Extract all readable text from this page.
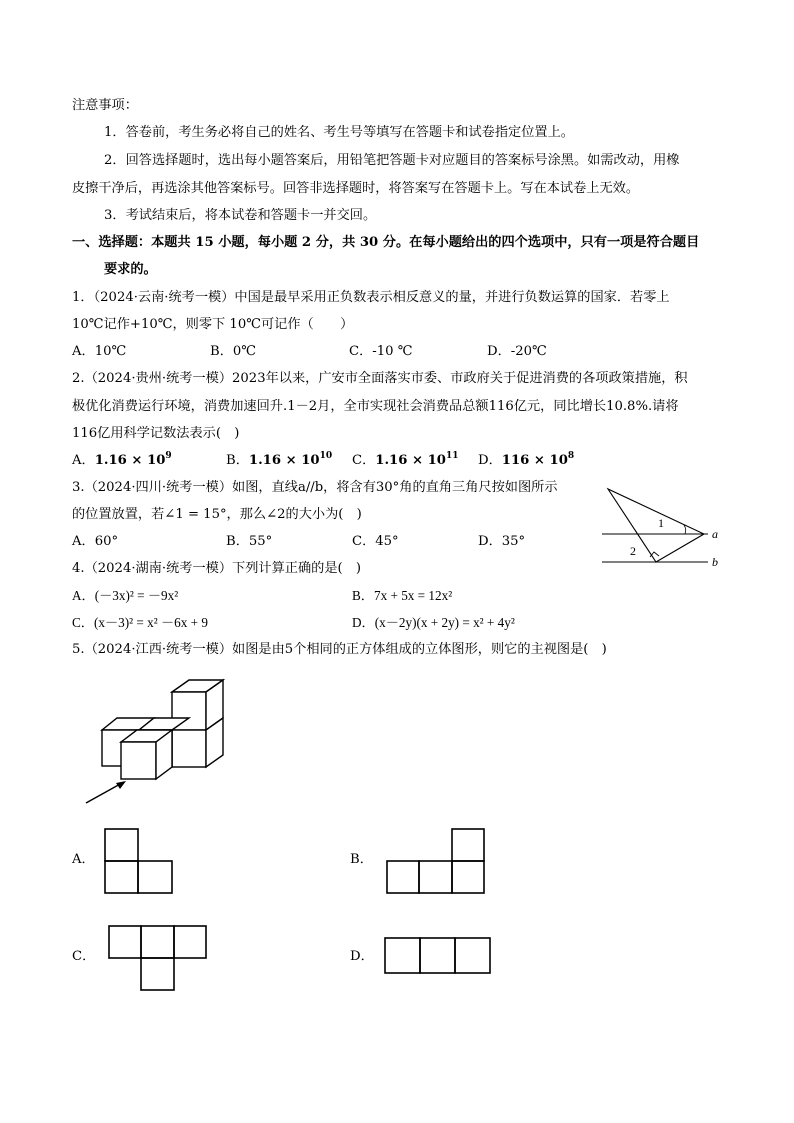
注意事项：
1．答卷前，考生务必将自己的姓名、考生号等填写在答题卡和试卷指定位置上。
2．回答选择题时，选出每小题答案后，用铅笔把答题卡对应题目的答案标号涂黑。如需改动，用橡
皮擦干净后，再选涂其他答案标号。回答非选择题时，将答案写在答题卡上。写在本试卷上无效。
3．考试结束后，将本试卷和答题卡一并交回。
一、选择题：本题共 15 小题，每小题 2 分，共 30 分。在每小题给出的四个选项中，只有一项是符合题目
要求的。
1．（2024·云南·统考一模）中国是最早采用正负数表示相反意义的量，并进行负数运算的国家．若零上
10℃记作+10℃，则零下 10℃可记作（　　）
A．10℃	B．0℃	C．-10 ℃	D．-20℃
2.（2024·贵州·统考一模）2023年以来，广安市全面落实市委、市政府关于促进消费的各项政策措施，积
极优化消费运行环境，消费加速回升.1－2月，全市实现社会消费品总额116亿元，同比增长10.8%.请将
116亿用科学记数法表示(　)
A．$1.16 \times 10^9$	B．$1.16 \times 10^{10}$ C．$1.16 \times 10^{11}$ D．$116 \times 10^8$
3.（2024·四川·统考一模）如图，直线a//b，将含有30°角的直角三角尺按如图所示
的位置放置，若∠1 = 15°，那么∠2的大小为(　)
A．60°	B．55°	C．45°	D．35°
1
2
a
b
4.（2024·湖南·统考一模）下列计算正确的是(　)
A．(－3x)² = －9x²	B．7x + 5x = 12x²
C．(x－3)² = x² －6x + 9	D．(x－2y)(x + 2y) = x² + 4y²
5.（2024·江西·统考一模）如图是由5个相同的正方体组成的立体图形，则它的主视图是(　)
A．	B．
C．	D．
